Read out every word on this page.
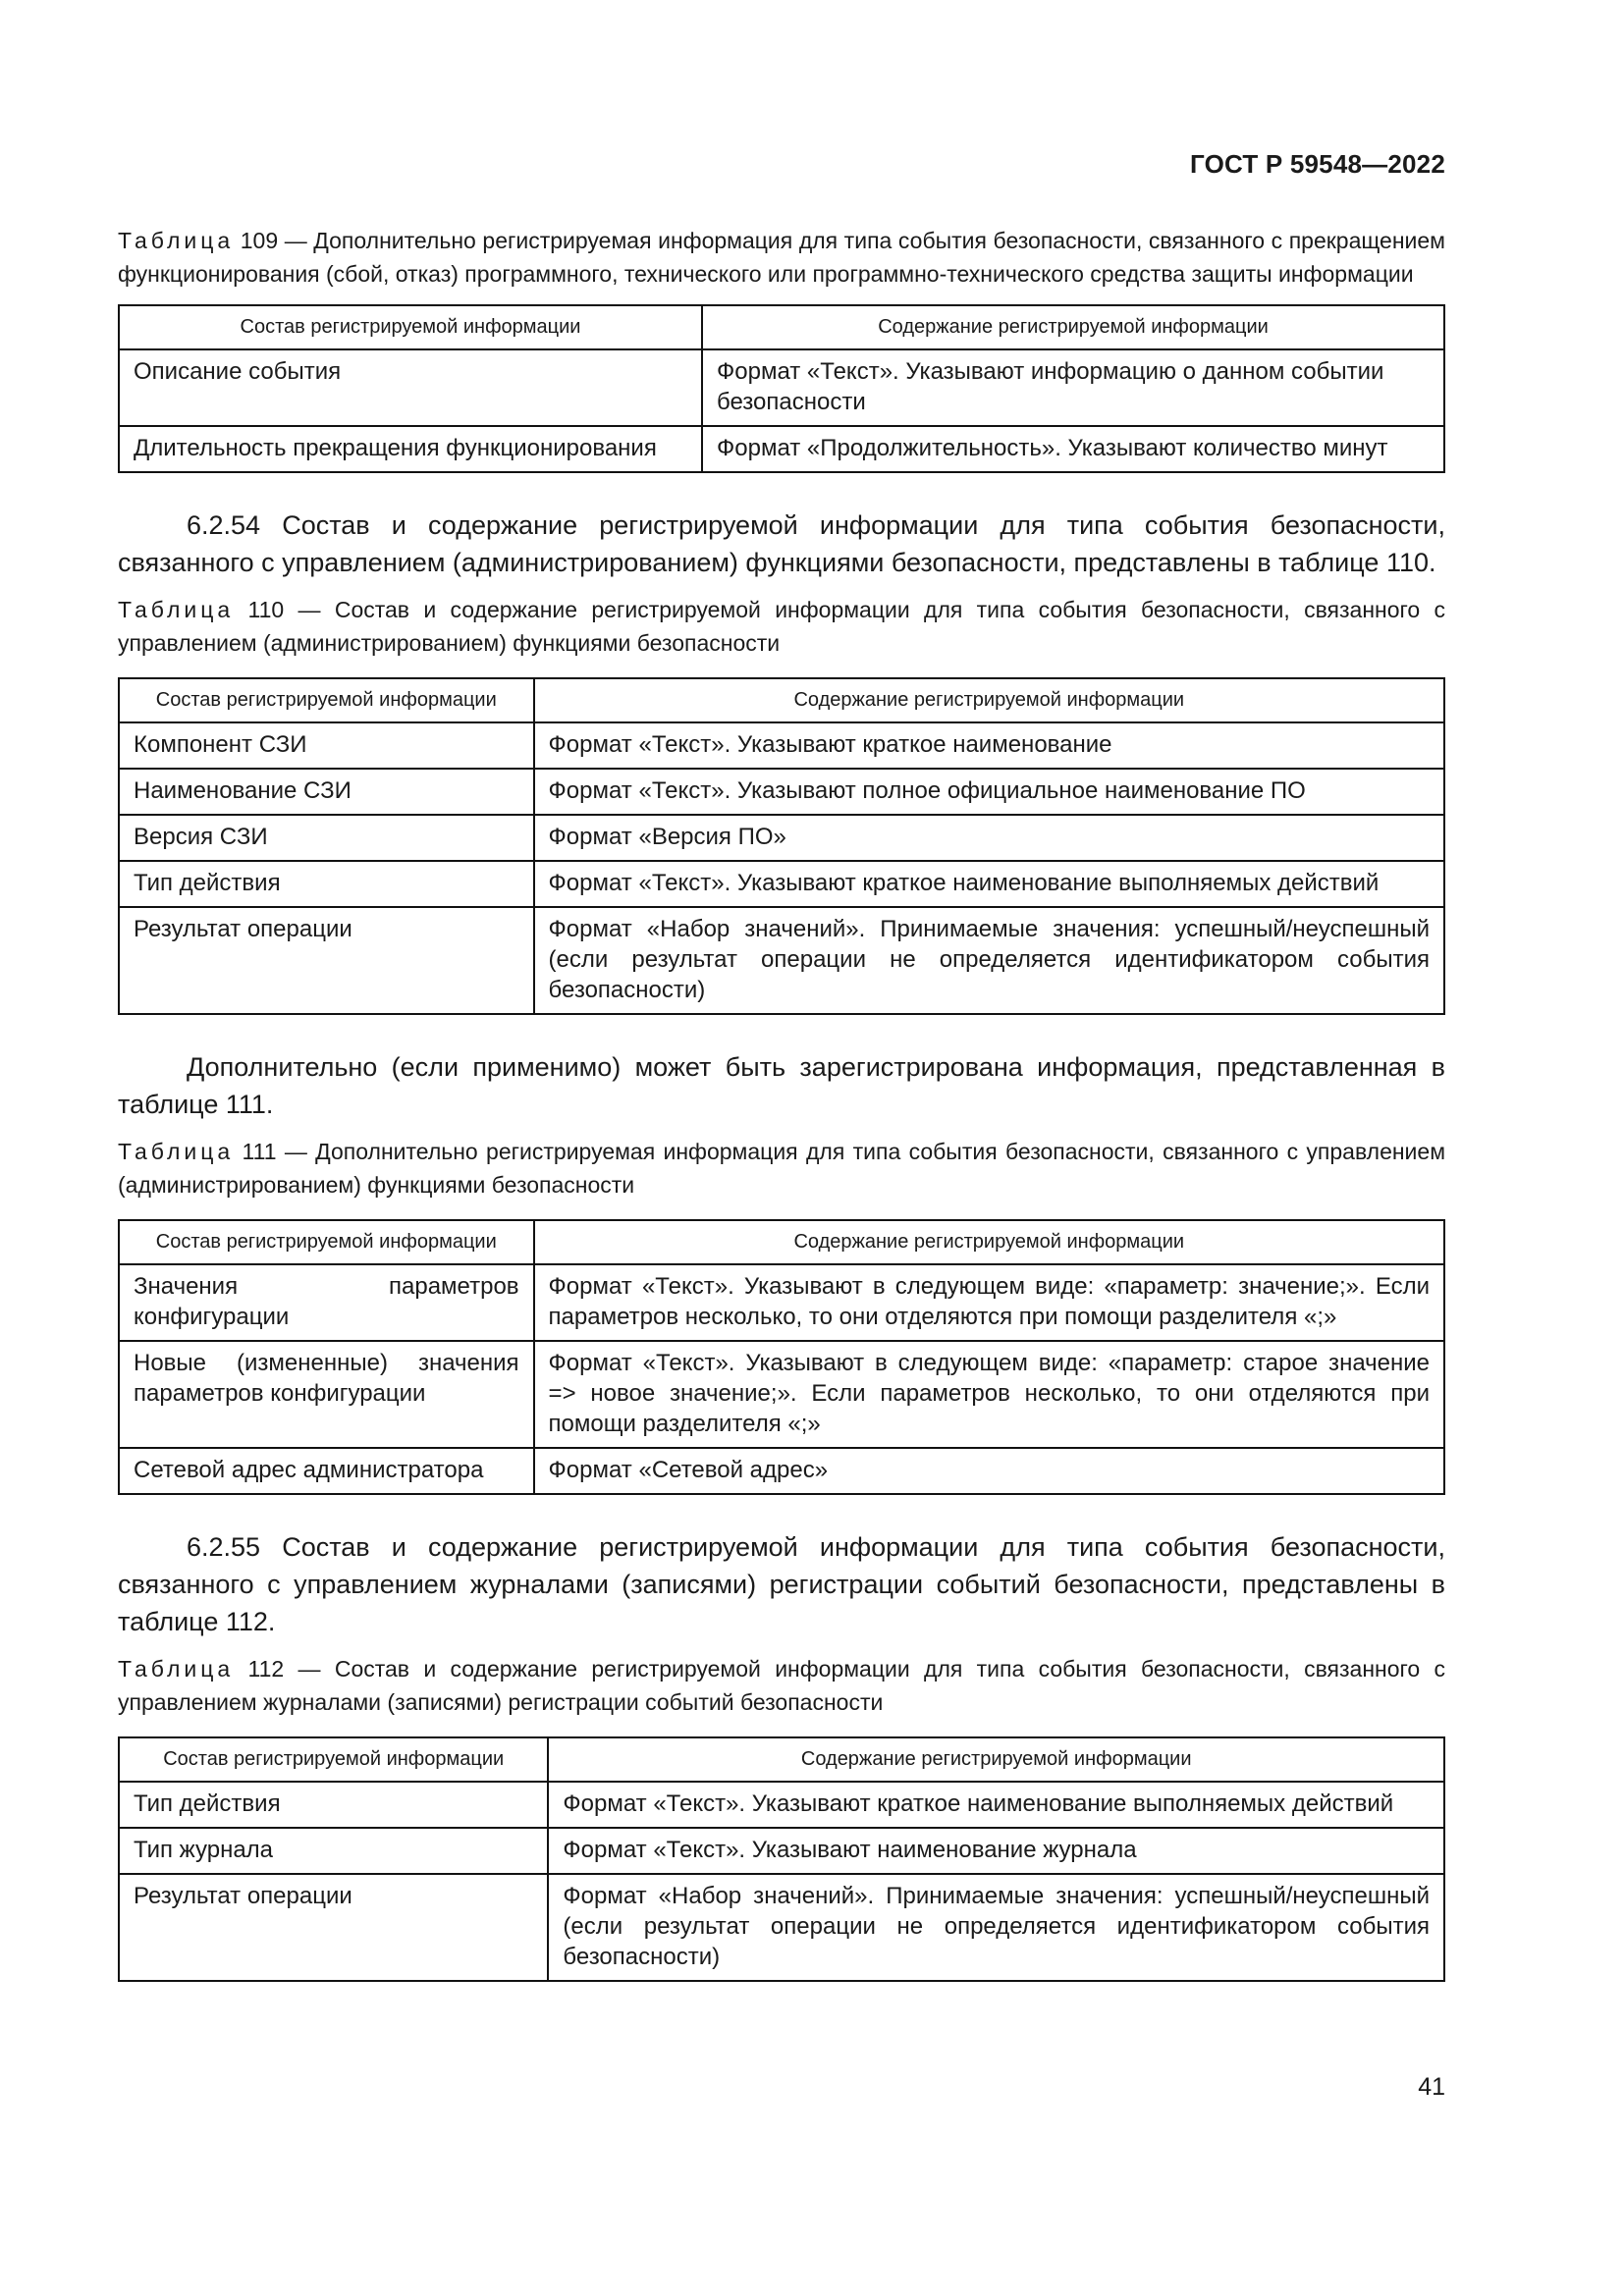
ГОСТ Р 59548—2022

Таблица 109 — Дополнительно регистрируемая информация для типа события безопасности, связанного с прекращением функционирования (сбой, отказ) программного, технического или программно-технического средства защиты информации

Состав регистрируемой информации	Содержание регистрируемой информации
Описание события	Формат «Текст». Указывают информацию о данном событии безопасности
Длительность прекращения функционирования	Формат «Продолжительность». Указывают количество минут

6.2.54 Состав и содержание регистрируемой информации для типа события безопасности, связанного с управлением (администрированием) функциями безопасности, представлены в таблице 110.

Таблица 110 — Состав и содержание регистрируемой информации для типа события безопасности, связанного с управлением (администрированием) функциями безопасности

Состав регистрируемой информации	Содержание регистрируемой информации
Компонент СЗИ	Формат «Текст». Указывают краткое наименование
Наименование СЗИ	Формат «Текст». Указывают полное официальное наименование ПО
Версия СЗИ	Формат «Версия ПО»
Тип действия	Формат «Текст». Указывают краткое наименование выполняемых действий
Результат операции	Формат «Набор значений». Принимаемые значения: успешный/неуспешный (если результат операции не определяется идентификатором события безопасности)

Дополнительно (если применимо) может быть зарегистрирована информация, представленная в таблице 111.

Таблица 111 — Дополнительно регистрируемая информация для типа события безопасности, связанного с управлением (администрированием) функциями безопасности

Состав регистрируемой информации	Содержание регистрируемой информации
Значения параметров конфигурации	Формат «Текст». Указывают в следующем виде: «параметр: значение;». Если параметров несколько, то они отделяются при помощи разделителя «;»
Новые (измененные) значения параметров конфигурации	Формат «Текст». Указывают в следующем виде: «параметр: старое значение => новое значение;». Если параметров несколько, то они отделяются при помощи разделителя «;»
Сетевой адрес администратора	Формат «Сетевой адрес»

6.2.55 Состав и содержание регистрируемой информации для типа события безопасности, связанного с управлением журналами (записями) регистрации событий безопасности, представлены в таблице 112.

Таблица 112 — Состав и содержание регистрируемой информации для типа события безопасности, связанного с управлением журналами (записями) регистрации событий безопасности

Состав регистрируемой информации	Содержание регистрируемой информации
Тип действия	Формат «Текст». Указывают краткое наименование выполняемых действий
Тип журнала	Формат «Текст». Указывают наименование журнала
Результат операции	Формат «Набор значений». Принимаемые значения: успешный/неуспешный (если результат операции не определяется идентификатором события безопасности)
41
